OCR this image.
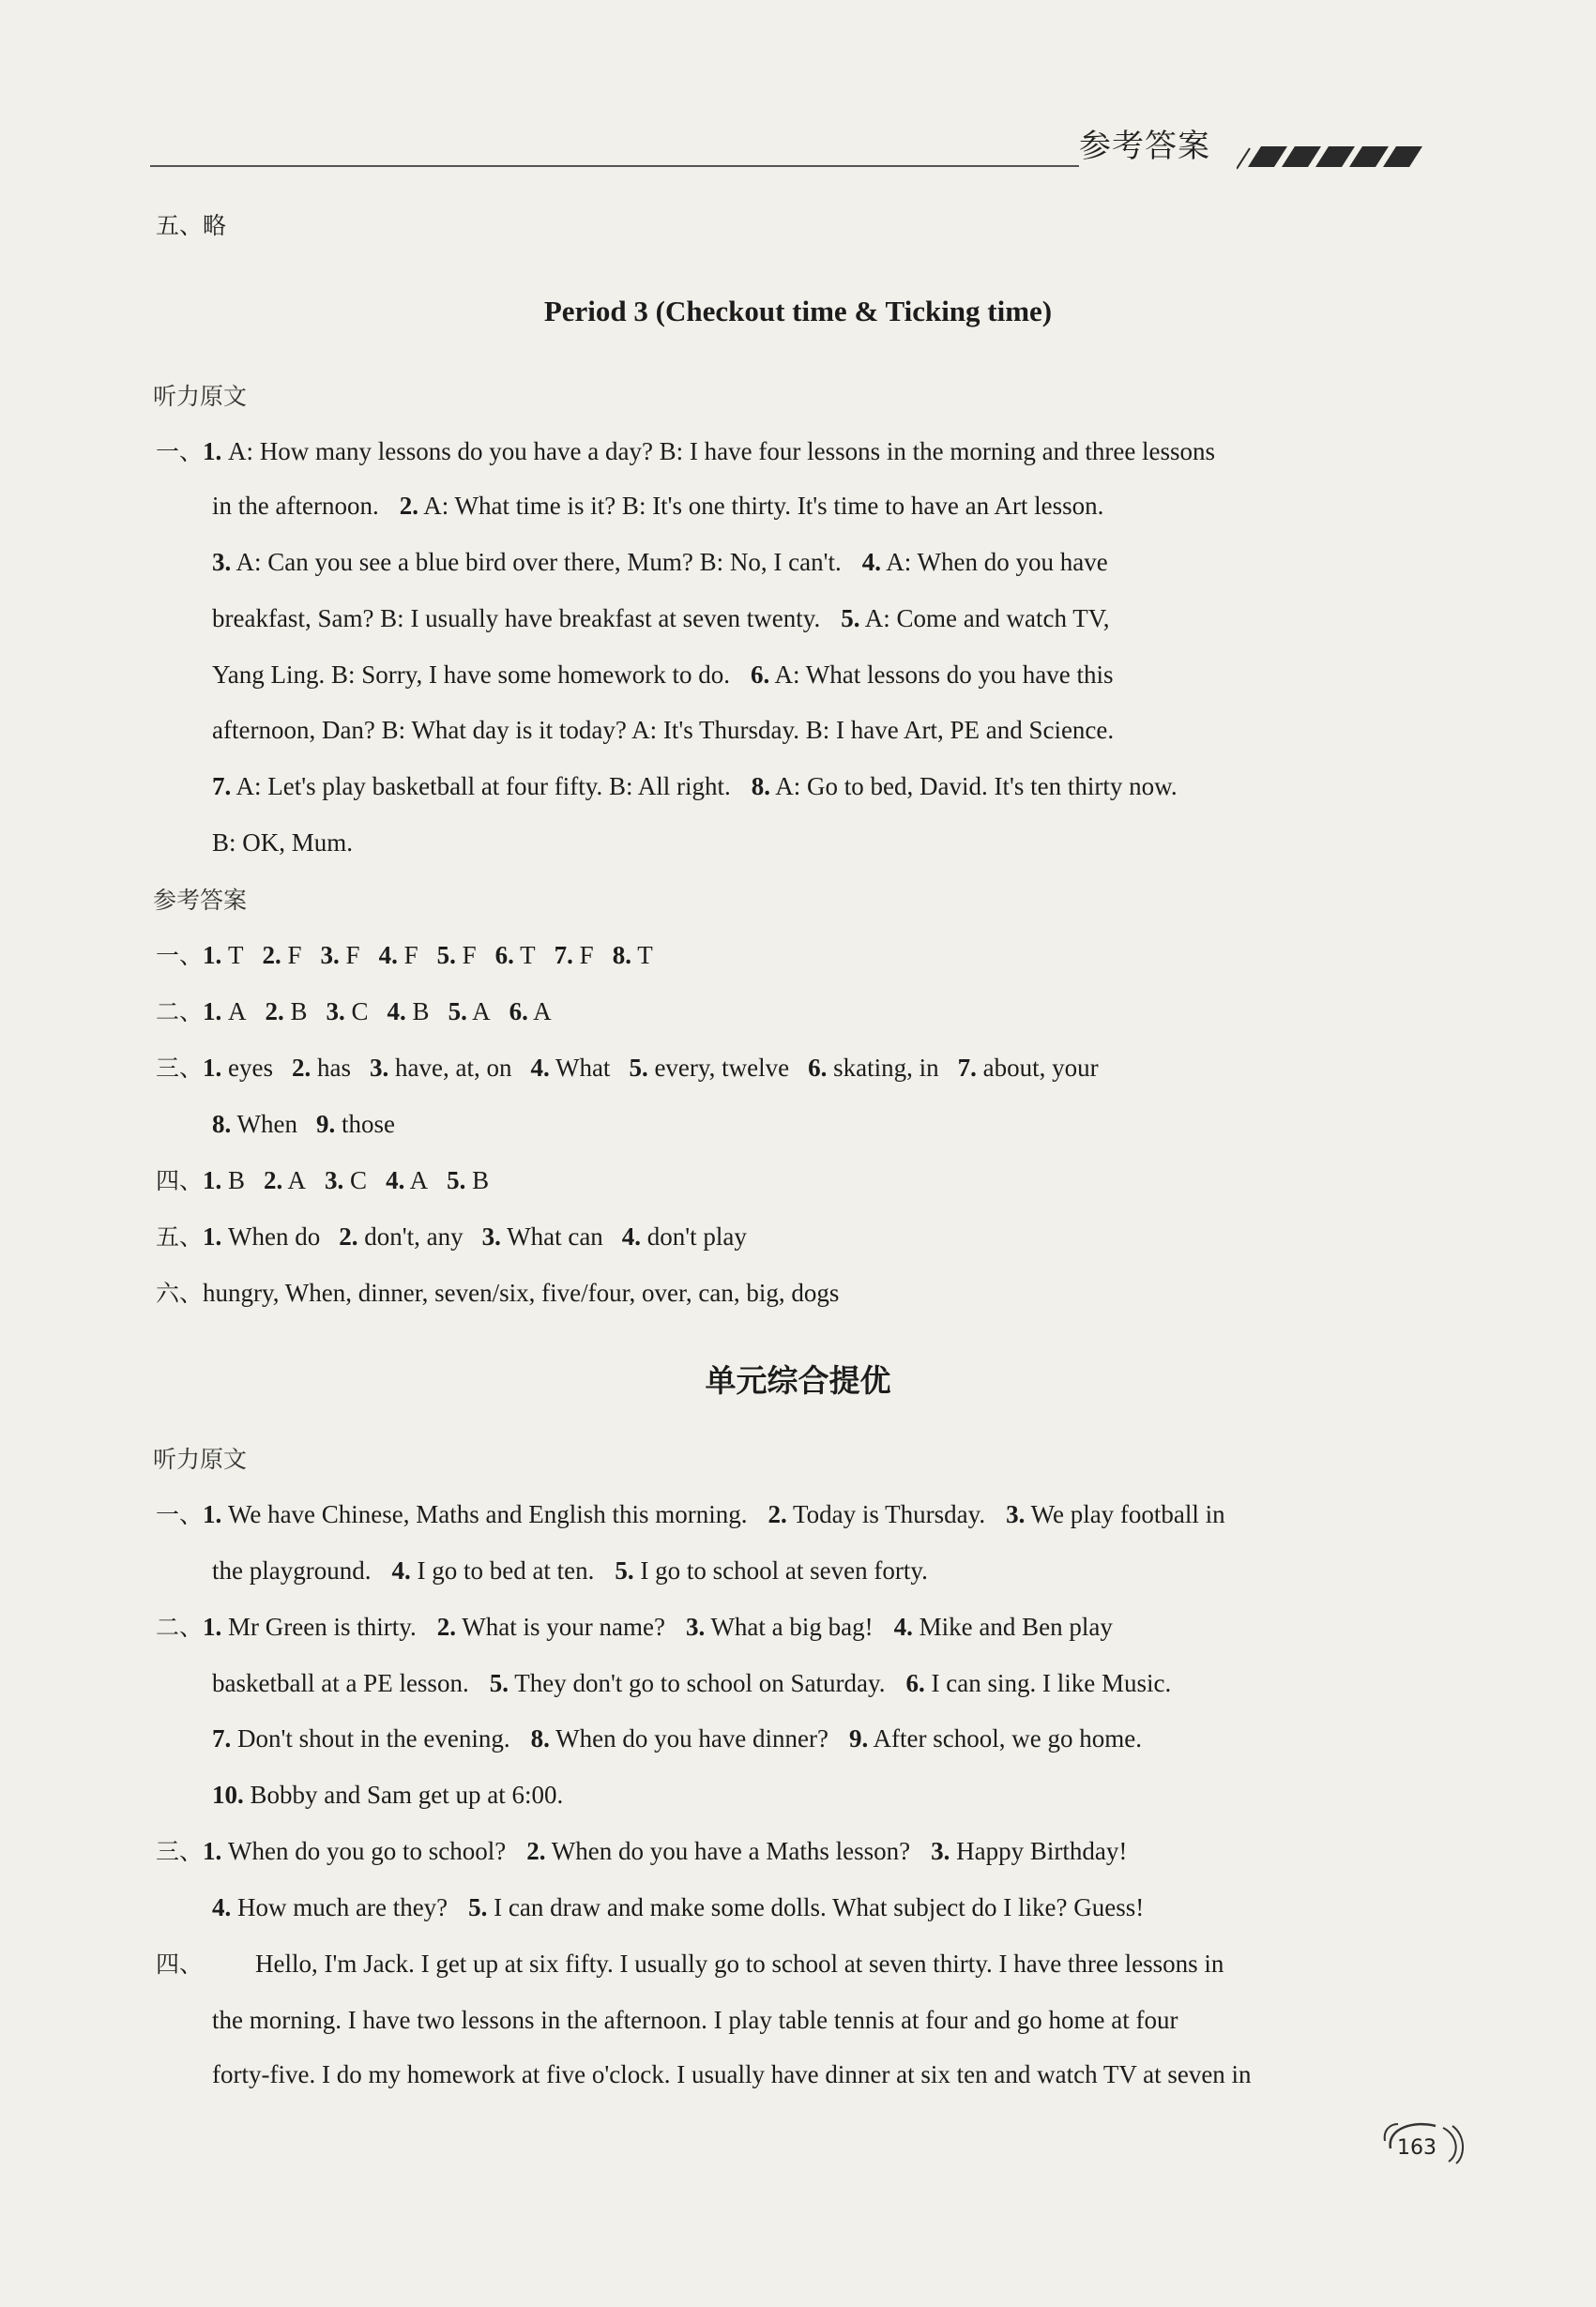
参考答案
五、略
Period 3 (Checkout time & Ticking time)
听力原文
一、1. A: How many lessons do you have a day? B: I have four lessons in the morning and three lessons
in the afternoon. 2. A: What time is it? B: It's one thirty. It's time to have an Art lesson.
3. A: Can you see a blue bird over there, Mum? B: No, I can't. 4. A: When do you have
breakfast, Sam? B: I usually have breakfast at seven twenty. 5. A: Come and watch TV,
Yang Ling. B: Sorry, I have some homework to do. 6. A: What lessons do you have this
afternoon, Dan? B: What day is it today? A: It's Thursday. B: I have Art, PE and Science.
7. A: Let's play basketball at four fifty. B: All right. 8. A: Go to bed, David. It's ten thirty now.
B: OK, Mum.
参考答案
一、1. T 2. F 3. F 4. F 5. F 6. T 7. F 8. T
二、1. A 2. B 3. C 4. B 5. A 6. A
三、1. eyes 2. has 3. have, at, on 4. What 5. every, twelve 6. skating, in 7. about, your
8. When 9. those
四、1. B 2. A 3. C 4. A 5. B
五、1. When do 2. don't, any 3. What can 4. don't play
六、hungry, When, dinner, seven/six, five/four, over, can, big, dogs
单元综合提优
听力原文
一、1. We have Chinese, Maths and English this morning. 2. Today is Thursday. 3. We play football in
the playground. 4. I go to bed at ten. 5. I go to school at seven forty.
二、1. Mr Green is thirty. 2. What is your name? 3. What a big bag! 4. Mike and Ben play
basketball at a PE lesson. 5. They don't go to school on Saturday. 6. I can sing. I like Music.
7. Don't shout in the evening. 8. When do you have dinner? 9. After school, we go home.
10. Bobby and Sam get up at 6:00.
三、1. When do you go to school? 2. When do you have a Maths lesson? 3. Happy Birthday!
4. How much are they? 5. I can draw and make some dolls. What subject do I like? Guess!
四、 Hello, I'm Jack. I get up at six fifty. I usually go to school at seven thirty. I have three lessons in
the morning. I have two lessons in the afternoon. I play table tennis at four and go home at four
forty-five. I do my homework at five o'clock. I usually have dinner at six ten and watch TV at seven in
163
